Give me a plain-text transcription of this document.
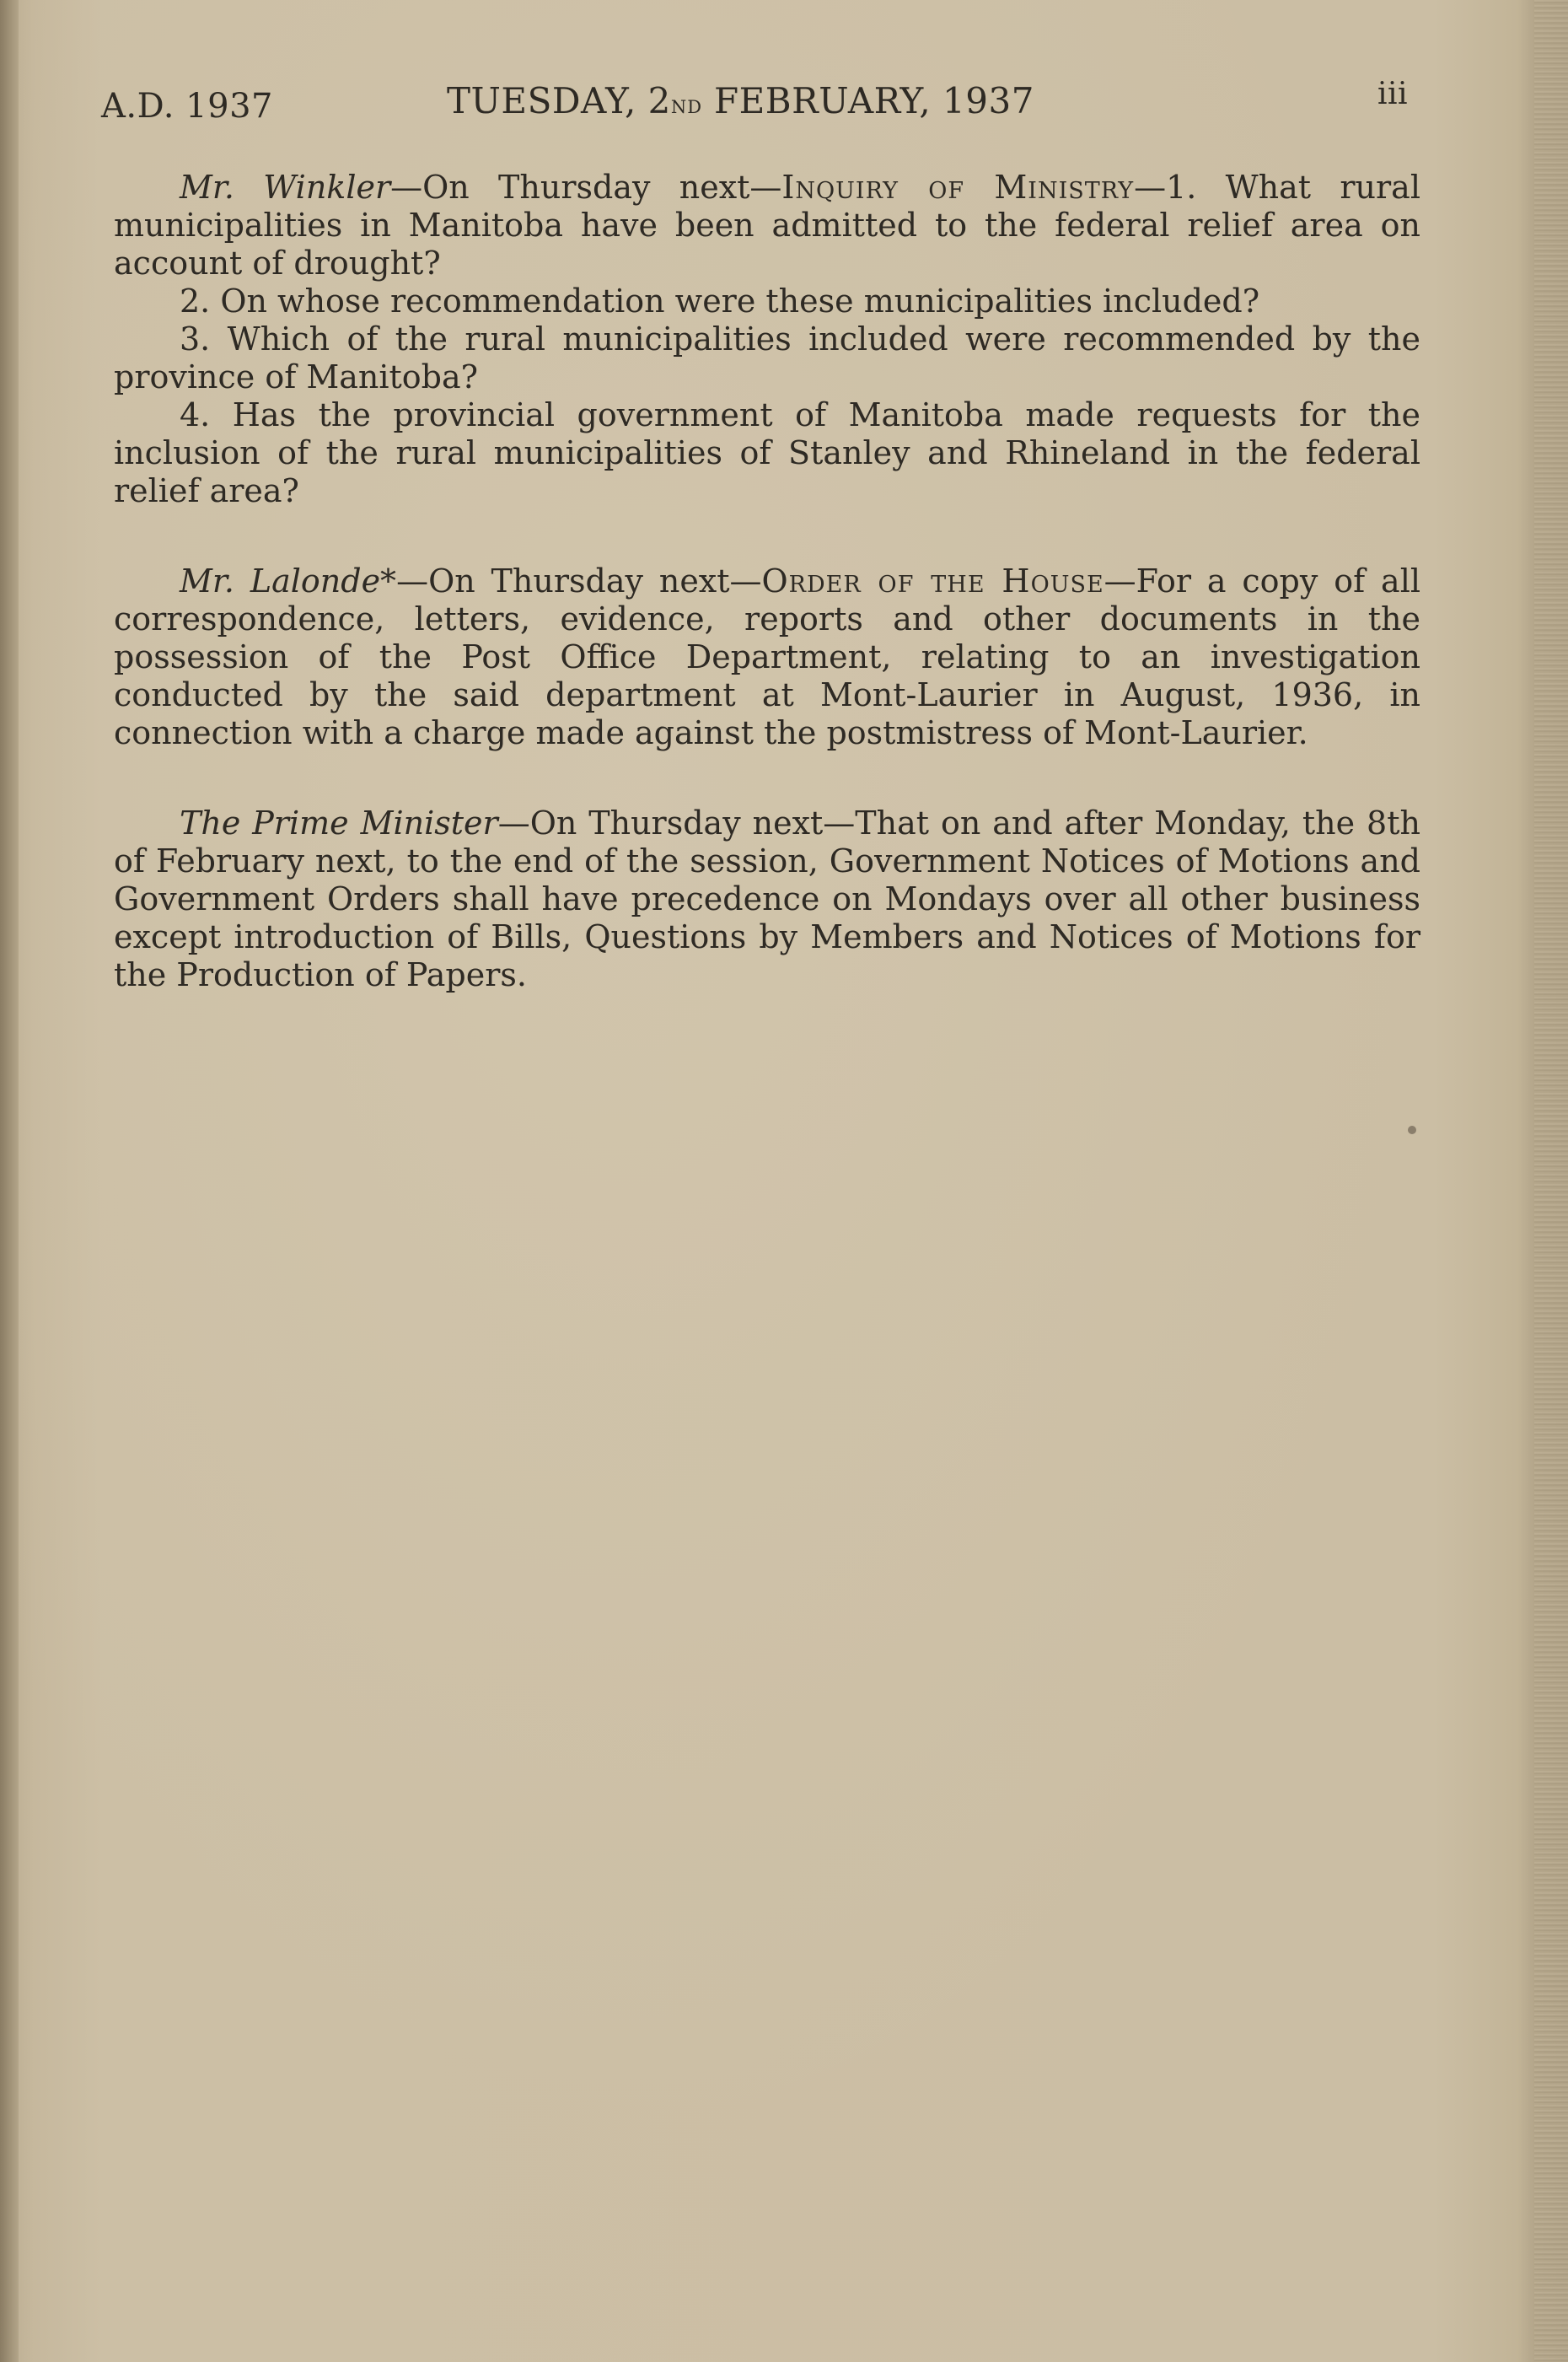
A.D. 1937	TUESDAY, 2nd FEBRUARY, 1937	iii

Mr. Winkler—On Thursday next—Inquiry of Ministry—1. What rural municipalities in Manitoba have been admitted to the federal relief area on account of drought?
2. On whose recommendation were these municipalities included?
3. Which of the rural municipalities included were recommended by the province of Manitoba?
4. Has the provincial government of Manitoba made requests for the inclusion of the rural municipalities of Stanley and Rhineland in the federal relief area?

Mr. Lalonde*—On Thursday next—Order of the House—For a copy of all correspondence, letters, evidence, reports and other documents in the possession of the Post Office Department, relating to an investigation conducted by the said department at Mont-Laurier in August, 1936, in connection with a charge made against the postmistress of Mont-Laurier.

The Prime Minister—On Thursday next—That on and after Monday, the 8th of February next, to the end of the session, Government Notices of Motions and Government Orders shall have precedence on Mondays over all other business except introduction of Bills, Questions by Members and Notices of Motions for the Production of Papers.
